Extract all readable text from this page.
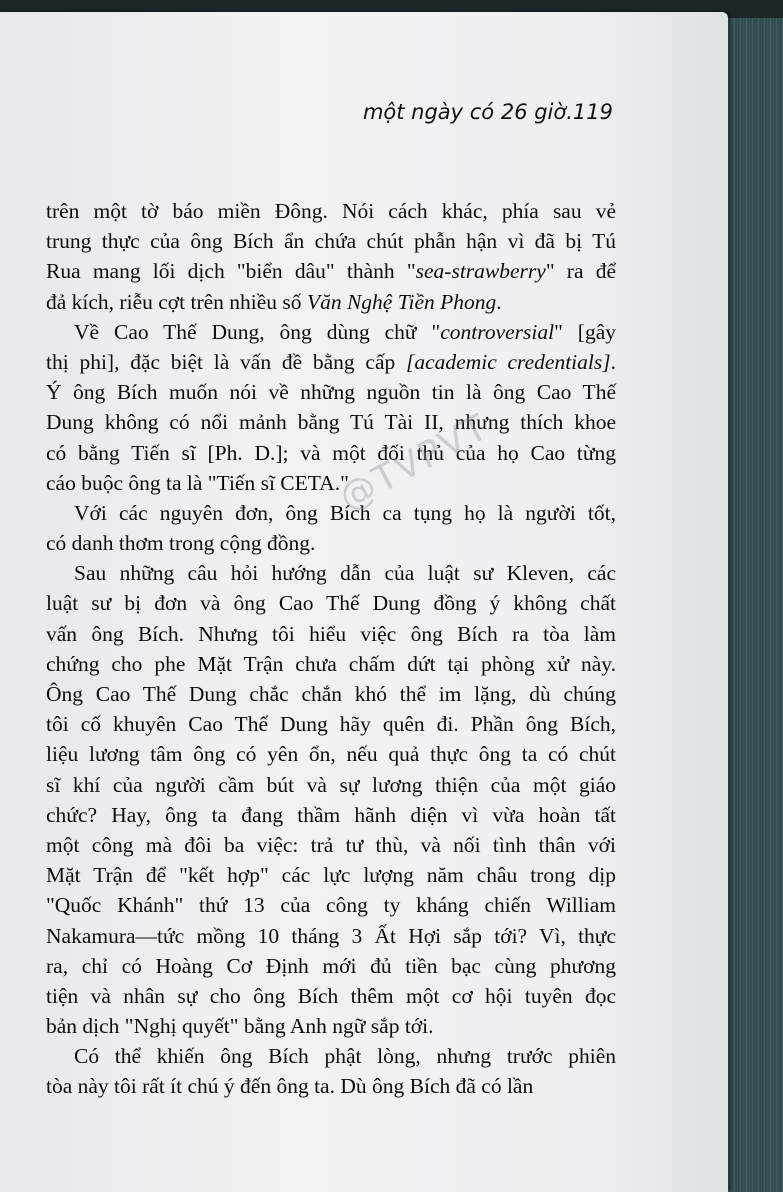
một ngày có 26 giờ.119
trên một tờ báo miền Đông. Nói cách khác, phía sau vẻ
trung thực của ông Bích ẩn chứa chút phẫn hận vì đã bị Tú
Rua mang lối dịch "biển dâu" thành "sea-strawberry" ra để
đả kích, riễu cợt trên nhiều số Văn Nghệ Tiền Phong.
Về Cao Thế Dung, ông dùng chữ "controversial" [gây
thị phi], đặc biệt là vấn đề bằng cấp [academic credentials].
Ý ông Bích muốn nói về những nguồn tin là ông Cao Thế
Dung không có nổi mảnh bằng Tú Tài II, nhưng thích khoe
có bằng Tiến sĩ [Ph. D.]; và một đối thủ của họ Cao từng
cáo buộc ông ta là "Tiến sĩ CETA."
Với các nguyên đơn, ông Bích ca tụng họ là người tốt,
có danh thơm trong cộng đồng.
Sau những câu hỏi hướng dẫn của luật sư Kleven, các
luật sư bị đơn và ông Cao Thế Dung đồng ý không chất
vấn ông Bích. Nhưng tôi hiểu việc ông Bích ra tòa làm
chứng cho phe Mặt Trận chưa chấm dứt tại phòng xử này.
Ông Cao Thế Dung chắc chắn khó thể im lặng, dù chúng
tôi cố khuyên Cao Thế Dung hãy quên đi. Phần ông Bích,
liệu lương tâm ông có yên ổn, nếu quả thực ông ta có chút
sĩ khí của người cầm bút và sự lương thiện của một giáo
chức? Hay, ông ta đang thầm hãnh diện vì vừa hoàn tất
một công mà đôi ba việc: trả tư thù, và nối tình thân với
Mặt Trận để "kết hợp" các lực lượng năm châu trong dịp
"Quốc Khánh" thứ 13 của công ty kháng chiến William
Nakamura—tức mồng 10 tháng 3 Ất Hợi sắp tới? Vì, thực
ra, chỉ có Hoàng Cơ Định mới đủ tiền bạc cùng phương
tiện và nhân sự cho ông Bích thêm một cơ hội tuyên đọc
bản dịch "Nghị quyết" bằng Anh ngữ sắp tới.
Có thể khiến ông Bích phật lòng, nhưng trước phiên
tòa này tôi rất ít chú ý đến ông ta. Dù ông Bích đã có lần
@TVPVT
